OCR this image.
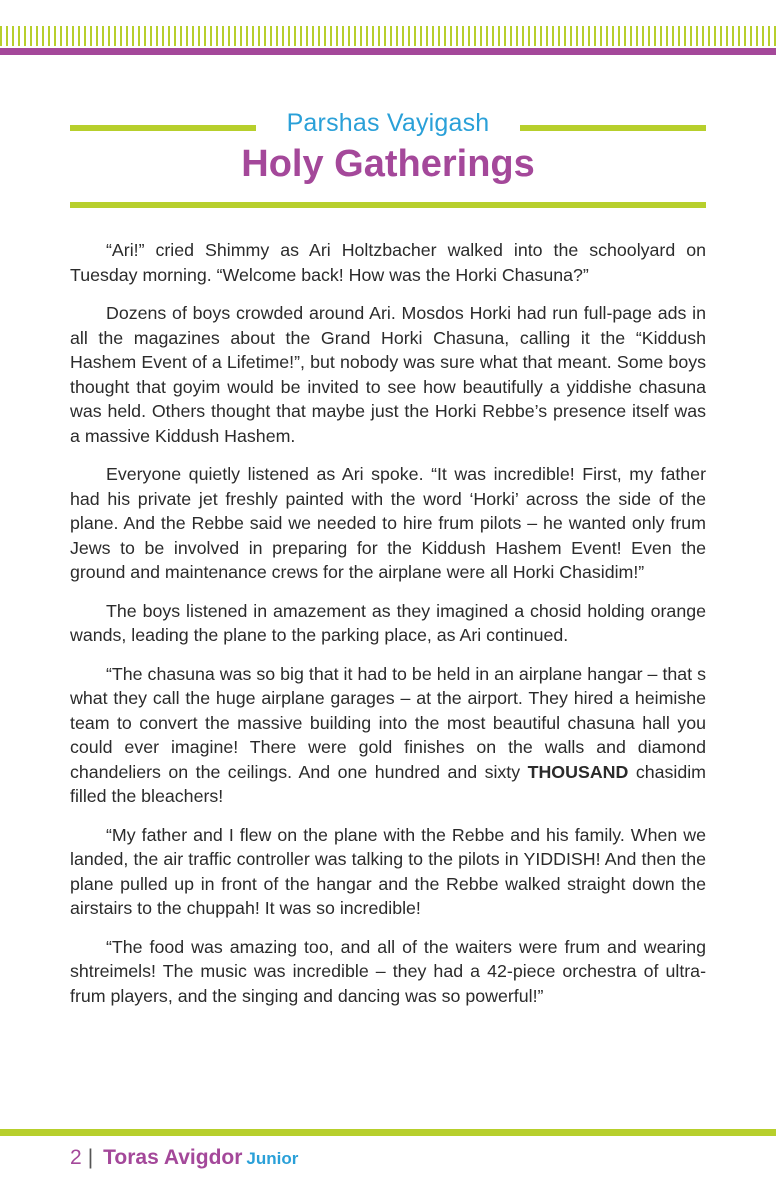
Parshas Vayigash
Holy Gatherings

“Ari!” cried Shimmy as Ari Holtzbacher walked into the schoolyard on Tuesday morning. “Welcome back! How was the Horki Chasuna?”

Dozens of boys crowded around Ari. Mosdos Horki had run full-page ads in all the magazines about the Grand Horki Chasuna, calling it the “Kiddush Hashem Event of a Lifetime!”, but nobody was sure what that meant. Some boys thought that goyim would be invited to see how beautifully a yiddishe chasuna was held. Others thought that maybe just the Horki Rebbe’s presence itself was a massive Kiddush Hashem.

Everyone quietly listened as Ari spoke. “It was incredible! First, my father had his private jet freshly painted with the word ‘Horki’ across the side of the plane. And the Rebbe said we needed to hire frum pilots – he wanted only frum Jews to be involved in preparing for the Kiddush Hashem Event! Even the ground and maintenance crews for the airplane were all Horki Chasidim!”

The boys listened in amazement as they imagined a chosid holding orange wands, leading the plane to the parking place, as Ari continued.

“The chasuna was so big that it had to be held in an airplane hangar – that s what they call the huge airplane garages – at the airport. They hired a heimishe team to convert the massive building into the most beautiful chasuna hall you could ever imagine! There were gold finishes on the walls and diamond chandeliers on the ceilings. And one hundred and sixty THOUSAND chasidim filled the bleachers!

“My father and I flew on the plane with the Rebbe and his family. When we landed, the air traffic controller was talking to the pilots in YIDDISH! And then the plane pulled up in front of the hangar and the Rebbe walked straight down the airstairs to the chuppah! It was so incredible!

“The food was amazing too, and all of the waiters were frum and wearing shtreimels! The music was incredible – they had a 42-piece orchestra of ultra-frum players, and the singing and dancing was so powerful!”

2 | Toras Avigdor Junior
